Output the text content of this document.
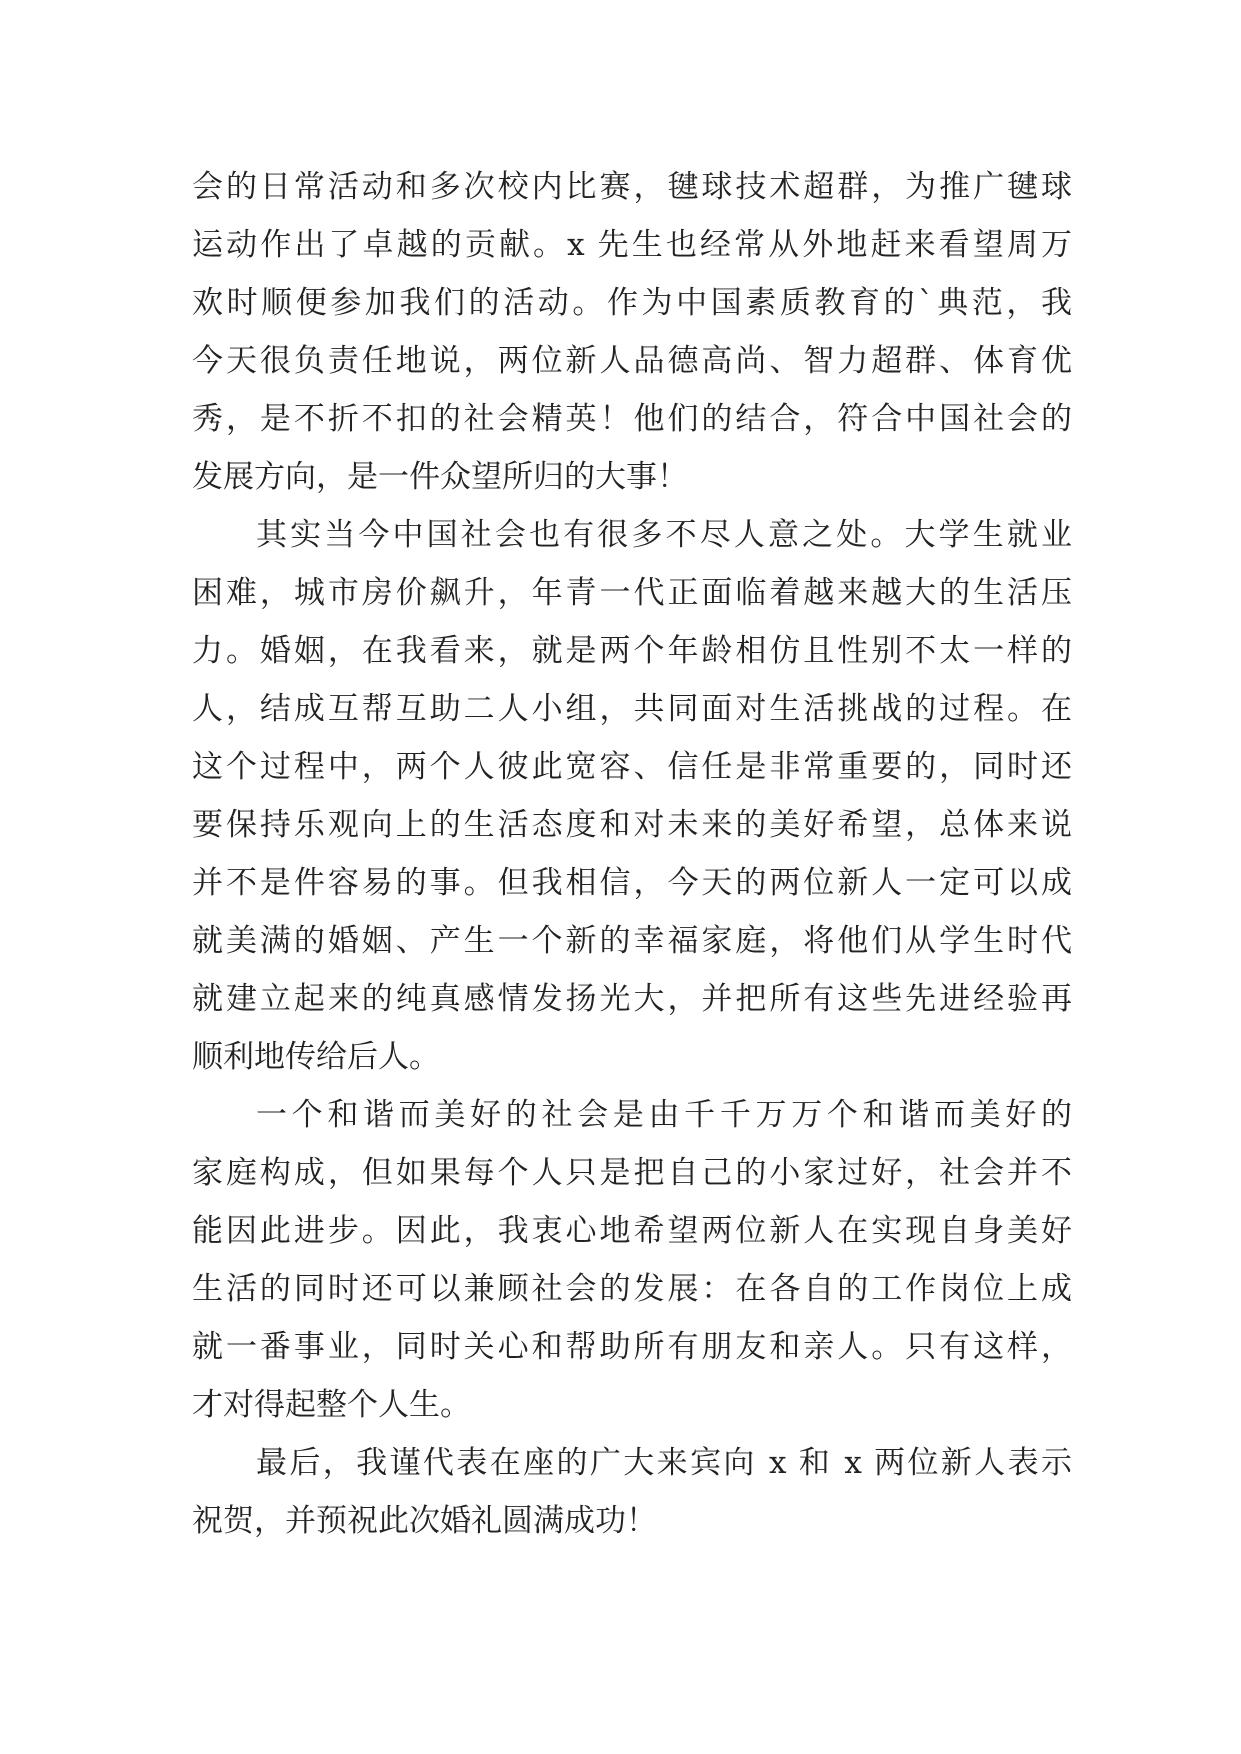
会的日常活动和多次校内比赛，毽球技术超群，为推广毽球
运动作出了卓越的贡献。x 先生也经常从外地赶来看望周万
欢时顺便参加我们的活动。作为中国素质教育的`典范，我
今天很负责任地说，两位新人品德高尚、智力超群、体育优
秀，是不折不扣的社会精英！他们的结合，符合中国社会的
发展方向，是一件众望所归的大事！
其实当今中国社会也有很多不尽人意之处。大学生就业
困难，城市房价飙升，年青一代正面临着越来越大的生活压
力。婚姻，在我看来，就是两个年龄相仿且性别不太一样的
人，结成互帮互助二人小组，共同面对生活挑战的过程。在
这个过程中，两个人彼此宽容、信任是非常重要的，同时还
要保持乐观向上的生活态度和对未来的美好希望，总体来说
并不是件容易的事。但我相信，今天的两位新人一定可以成
就美满的婚姻、产生一个新的幸福家庭，将他们从学生时代
就建立起来的纯真感情发扬光大，并把所有这些先进经验再
顺利地传给后人。
一个和谐而美好的社会是由千千万万个和谐而美好的
家庭构成，但如果每个人只是把自己的小家过好，社会并不
能因此进步。因此，我衷心地希望两位新人在实现自身美好
生活的同时还可以兼顾社会的发展：在各自的工作岗位上成
就一番事业，同时关心和帮助所有朋友和亲人。只有这样，
才对得起整个人生。
最后，我谨代表在座的广大来宾向 x 和 x 两位新人表示
祝贺，并预祝此次婚礼圆满成功！
